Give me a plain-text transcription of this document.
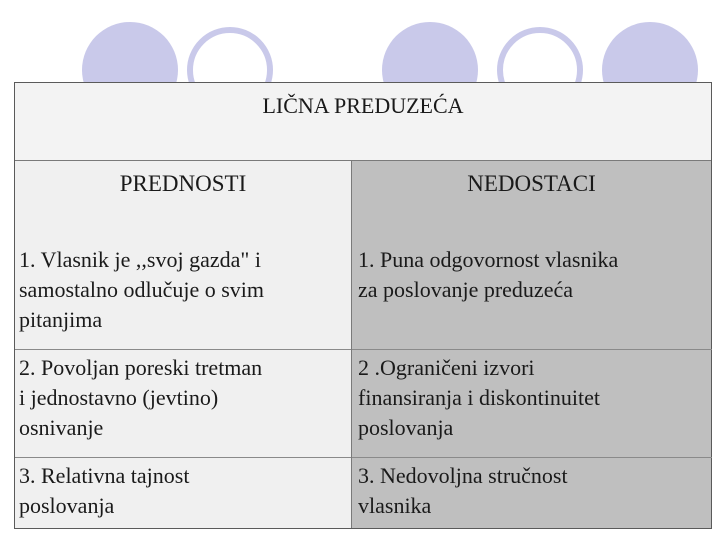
LIČNA PREDUZEĆA
PREDNOSTI	NEDOSTACI
1. Vlasnik je ,,svoj gazda" i
samostalno odlučuje o svim
pitanjima
2. Povoljan poreski tretman
i jednostavno (jevtino)
osnivanje
3. Relativna tajnost
poslovanja
1. Puna odgovornost vlasnika
za poslovanje preduzeća
2 .Ograničeni izvori
finansiranja i diskontinuitet
poslovanja
3. Nedovoljna stručnost
vlasnika
